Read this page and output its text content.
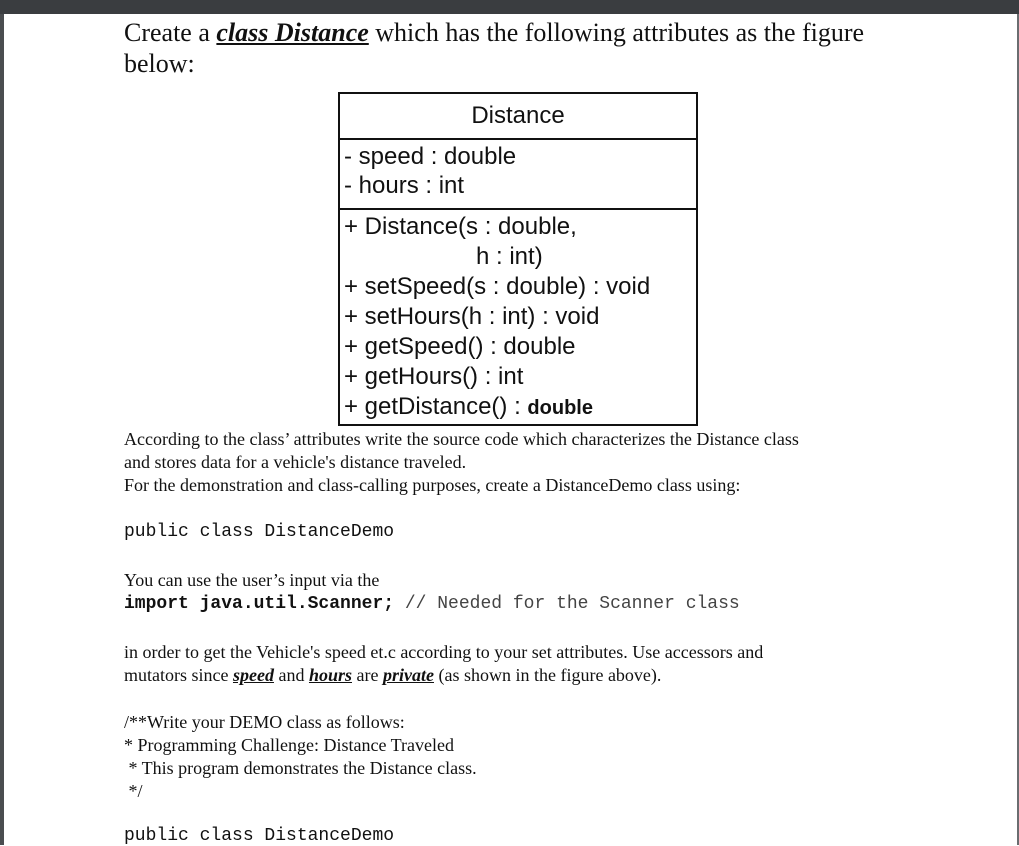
Create a class Distance which has the following attributes as the figure
below:
Distance
- speed : double
- hours : int
+ Distance(s : double,
h : int)
+ setSpeed(s : double) : void
+ setHours(h : int) : void
+ getSpeed() : double
+ getHours() : int
+ getDistance() : double
According to the class’ attributes write the source code which characterizes the Distance class
and stores data for a vehicle's distance traveled.
For the demonstration and class-calling purposes, create a DistanceDemo class using:
public class DistanceDemo
You can use the user’s input via the
import java.util.Scanner; // Needed for the Scanner class
in order to get the Vehicle's speed et.c according to your set attributes. Use accessors and
mutators since speed and hours are private (as shown in the figure above).
/**Write your DEMO class as follows:
* Programming Challenge: Distance Traveled
* This program demonstrates the Distance class.
*/
public class DistanceDemo
